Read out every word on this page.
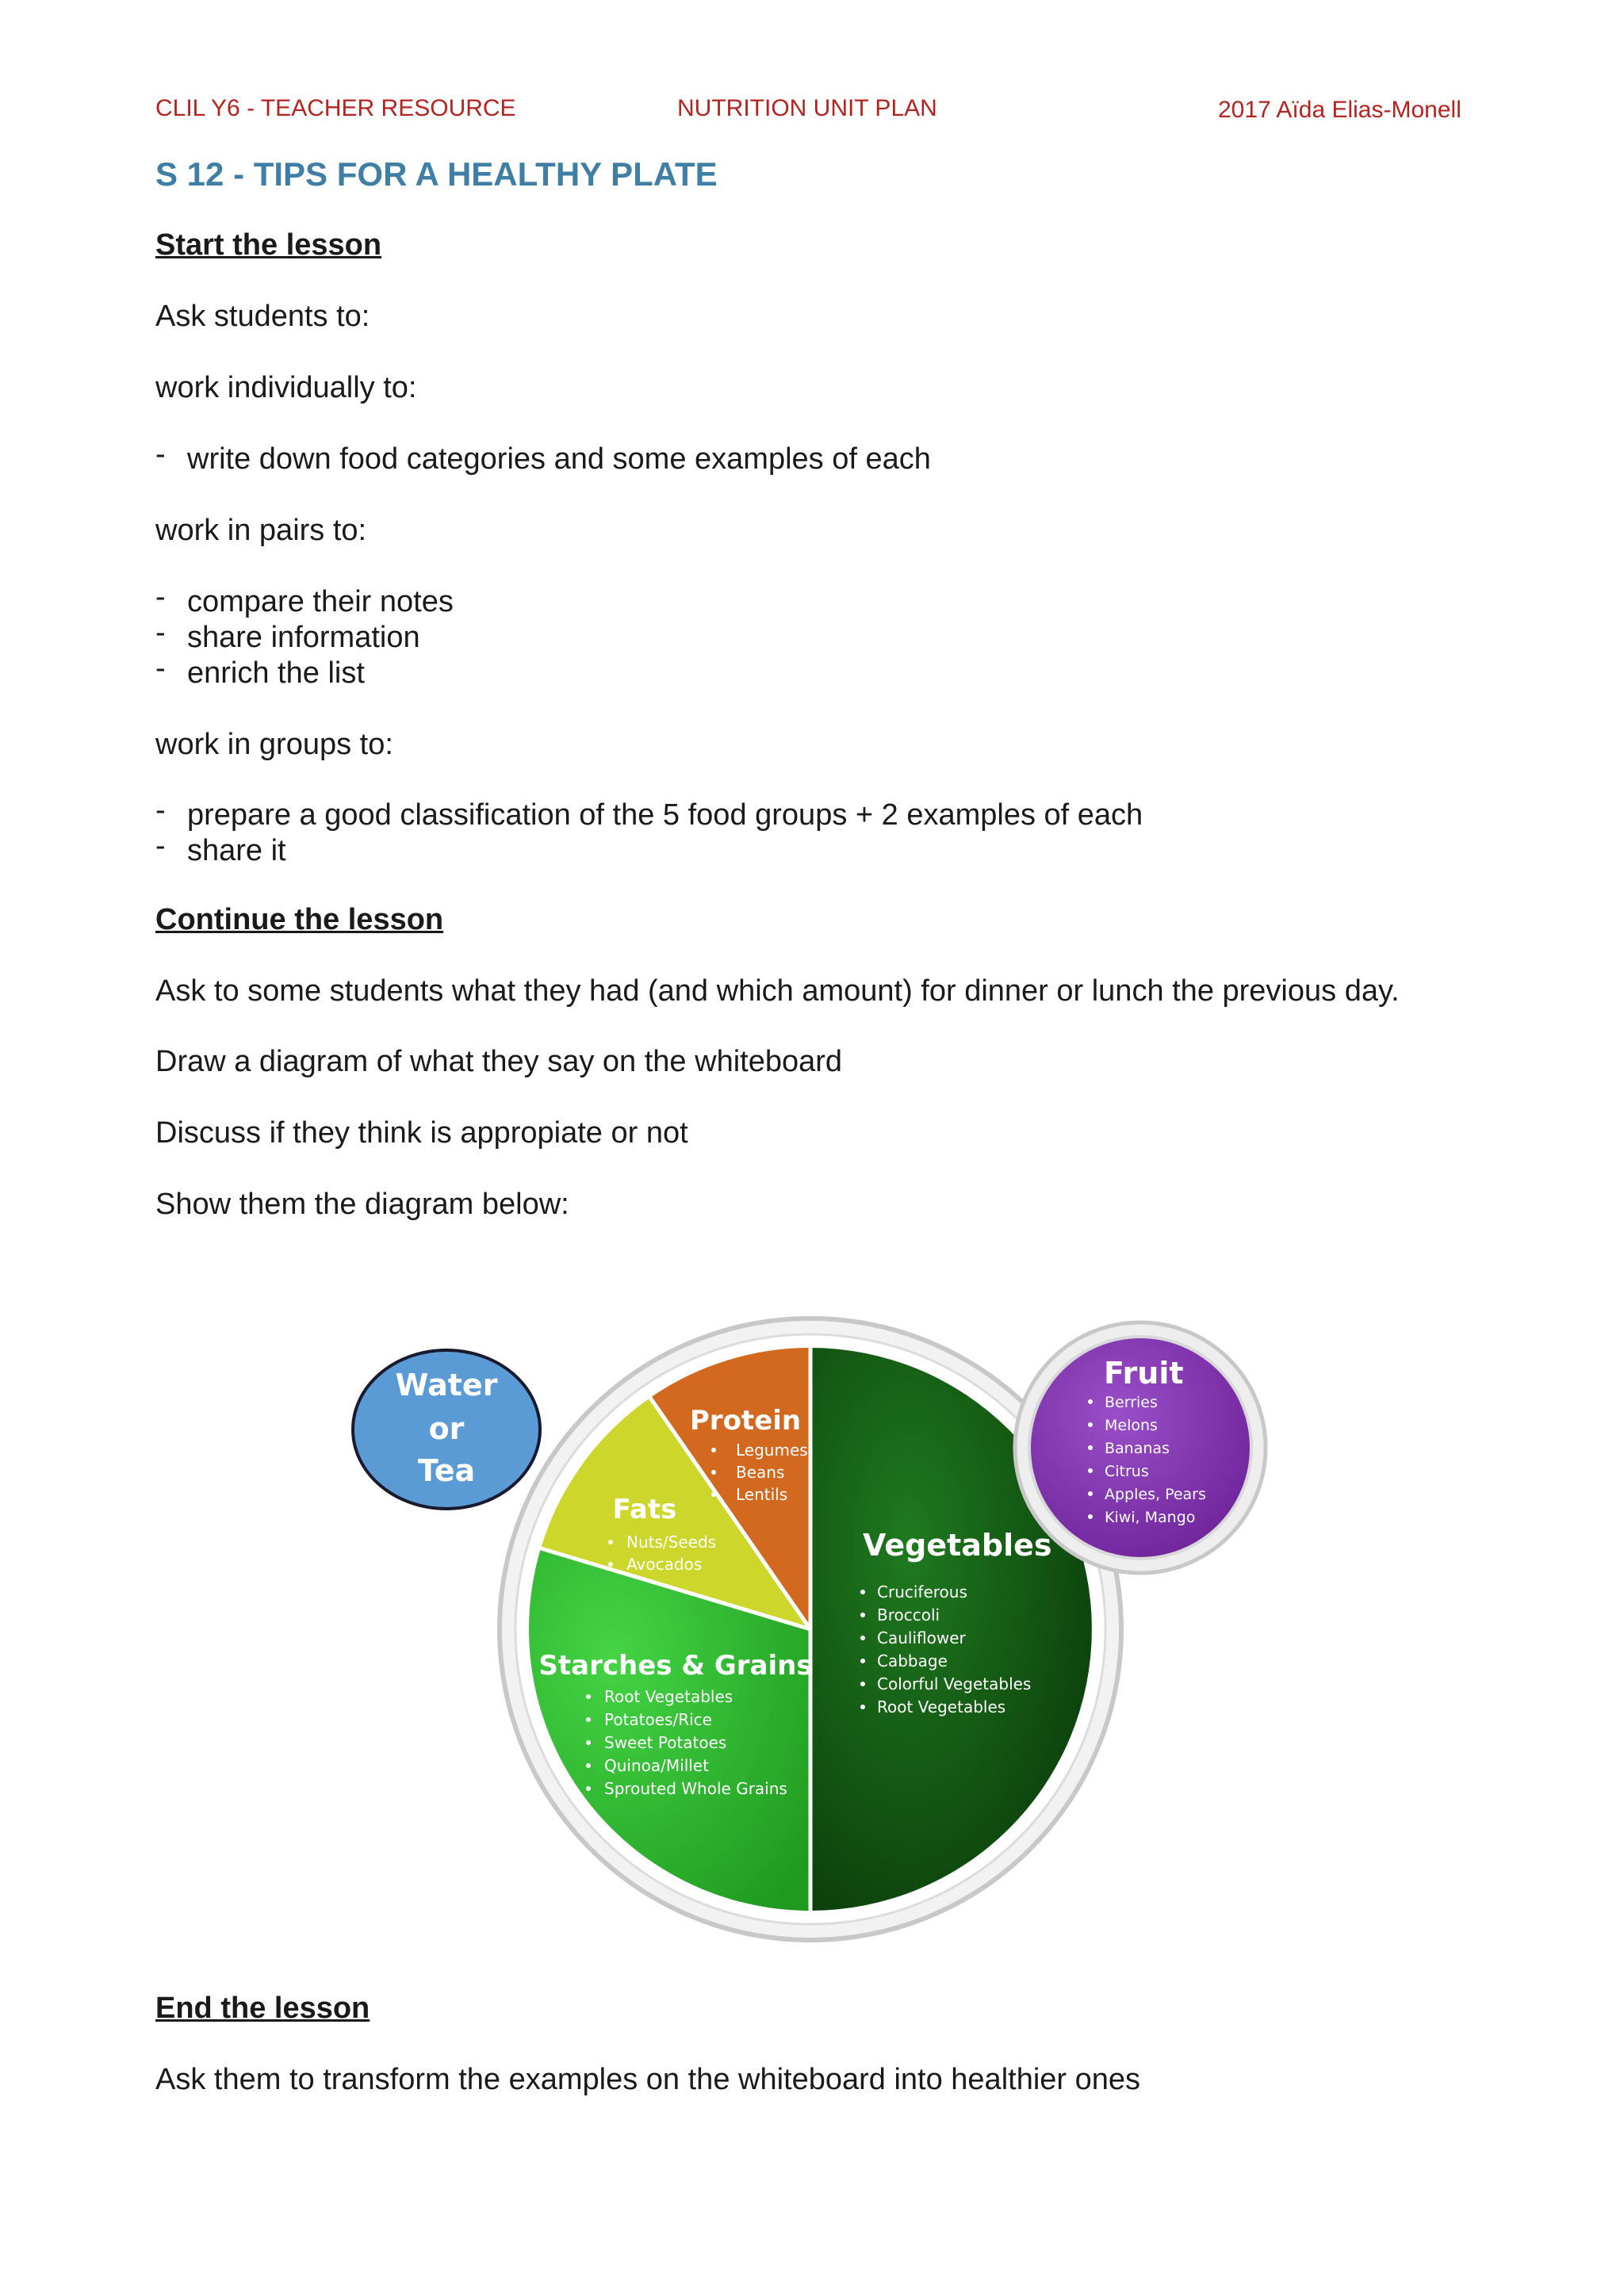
CLIL Y6 - TEACHER RESOURCE	NUTRITION UNIT PLAN	2017 Aïda Elias-Monell
S 12 - TIPS FOR A HEALTHY PLATE
Start the lesson
Ask students to:
work individually to:
- write down food categories and some examples of each
work in pairs to:
- compare their notes
- share information
- enrich the list
work in groups to:
- prepare a good classification of the 5 food groups + 2 examples of each
- share it
Continue the lesson
Ask to some students what they had (and which amount) for dinner or lunch the previous day.
Draw a diagram of what they say on the whiteboard
Discuss if they think is appropiate or not
Show them the diagram below:
Water
or
Tea
Protein
Legumes
Beans
Lentils
Fats
Nuts/Seeds
Avocados
Starches & Grains
Root Vegetables
Potatoes/Rice
Sweet Potatoes
Quinoa/Millet
Sprouted Whole Grains
Vegetables
Cruciferous
Broccoli
Cauliflower
Cabbage
Colorful Vegetables
Root Vegetables
Fruit
Berries
Melons
Bananas
Citrus
Apples, Pears
Kiwi, Mango
End the lesson
Ask them to transform the examples on the whiteboard into healthier ones
